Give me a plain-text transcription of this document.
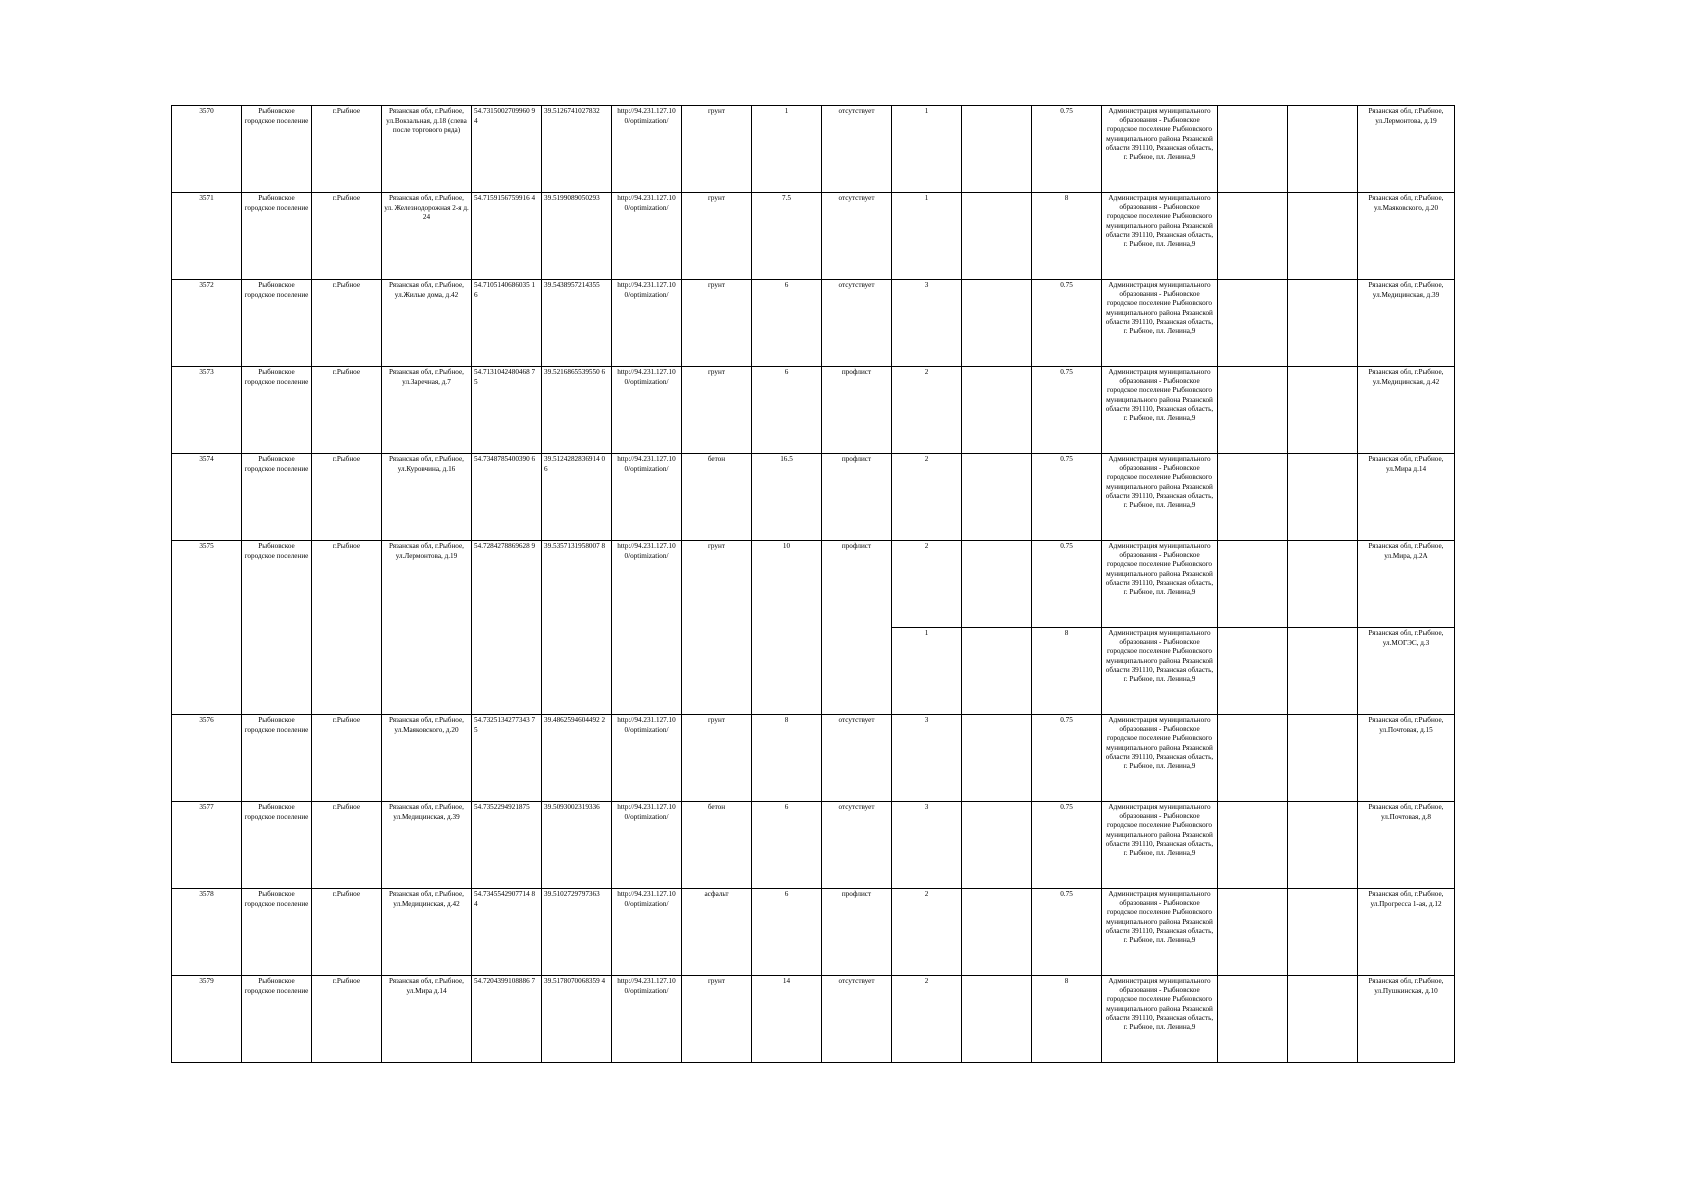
3570	Рыбновское городское поселение	г.Рыбное	Рязанская обл, г.Рыбное, ул.Вокзальная, д.18 (слева после торгового ряда)	54.7315002709960 9 4	39.5126741027832	http://94.231.127.10 0/optimization/	грунт	1	отсутствует	1		0.75	Администрация муниципального образования - Рыбновское городское поселение Рыбновского муниципального района Рязанской области 391110, Рязанская область, г. Рыбное, пл. Ленина,9			Рязанская обл, г.Рыбное, ул.Лермонтова, д.19
3571	Рыбновское городское поселение	г.Рыбное	Рязанская обл, г.Рыбное, ул. Железнодорожная 2-я д. 24	54.7159156759916 4	39.5199089050293	http://94.231.127.10 0/optimization/	грунт	7.5	отсутствует	1		8	Администрация муниципального образования - Рыбновское городское поселение Рыбновского муниципального района Рязанской области 391110, Рязанская область, г. Рыбное, пл. Ленина,9			Рязанская обл, г.Рыбное, ул.Маяковского, д.20
3572	Рыбновское городское поселение	г.Рыбное	Рязанская обл, г.Рыбное, ул.Жилые дома, д.42	54.7105140686035 1 6	39.5438957214355	http://94.231.127.10 0/optimization/	грунт	6	отсутствует	3		0.75	Администрация муниципального образования - Рыбновское городское поселение Рыбновского муниципального района Рязанской области 391110, Рязанская область, г. Рыбное, пл. Ленина,9			Рязанская обл, г.Рыбное, ул.Медицинская, д.39
3573	Рыбновское городское поселение	г.Рыбное	Рязанская обл, г.Рыбное, ул.Заречная, д.7	54.7131042480468 7 5	39.5216865539550 6	http://94.231.127.10 0/optimization/	грунт	6	профлист	2		0.75	Администрация муниципального образования - Рыбновское городское поселение Рыбновского муниципального района Рязанской области 391110, Рязанская область, г. Рыбное, пл. Ленина,9			Рязанская обл, г.Рыбное, ул.Медицинская, д.42
3574	Рыбновское городское поселение	г.Рыбное	Рязанская обл, г.Рыбное, ул.Куровчина, д.16	54.7348785400390 6	39.5124282836914 0 6	http://94.231.127.10 0/optimization/	бетон	16.5	профлист	2		0.75	Администрация муниципального образования - Рыбновское городское поселение Рыбновского муниципального района Рязанской области 391110, Рязанская область, г. Рыбное, пл. Ленина,9			Рязанская обл, г.Рыбное, ул.Мира д.14
3575	Рыбновское городское поселение	г.Рыбное	Рязанская обл, г.Рыбное, ул.Лермонтова, д.19	54.7284278869628 9	39.5357131958007 8	http://94.231.127.10 0/optimization/	грунт	10	профлист	2		0.75	Администрация муниципального образования - Рыбновское городское поселение Рыбновского муниципального района Рязанской области 391110, Рязанская область, г. Рыбное, пл. Ленина,9			Рязанская обл, г.Рыбное, ул.Мира, д.2А
										1		8	Администрация муниципального образования - Рыбновское городское поселение Рыбновского муниципального района Рязанской области 391110, Рязанская область, г. Рыбное, пл. Ленина,9			Рязанская обл, г.Рыбное, ул.МОГЭС, д.3
3576	Рыбновское городское поселение	г.Рыбное	Рязанская обл, г.Рыбное, ул.Маяковского, д.20	54.7325134277343 7 5	39.4862594604492 2	http://94.231.127.10 0/optimization/	грунт	8	отсутствует	3		0.75	Администрация муниципального образования - Рыбновское городское поселение Рыбновского муниципального района Рязанской области 391110, Рязанская область, г. Рыбное, пл. Ленина,9			Рязанская обл, г.Рыбное, ул.Почтовая, д.15
3577	Рыбновское городское поселение	г.Рыбное	Рязанская обл, г.Рыбное, ул.Медицинская, д.39	54.7352294921875	39.5093002319336	http://94.231.127.10 0/optimization/	бетон	6	отсутствует	3		0.75	Администрация муниципального образования - Рыбновское городское поселение Рыбновского муниципального района Рязанской области 391110, Рязанская область, г. Рыбное, пл. Ленина,9			Рязанская обл, г.Рыбное, ул.Почтовая, д.8
3578	Рыбновское городское поселение	г.Рыбное	Рязанская обл, г.Рыбное, ул.Медицинская, д.42	54.7345542907714 8 4	39.5102729797363	http://94.231.127.10 0/optimization/	асфальт	6	профлист	2		0.75	Администрация муниципального образования - Рыбновское городское поселение Рыбновского муниципального района Рязанской области 391110, Рязанская область, г. Рыбное, пл. Ленина,9			Рязанская обл, г.Рыбное, ул.Прогресса 1-ая, д.12
3579	Рыбновское городское поселение	г.Рыбное	Рязанская обл, г.Рыбное, ул.Мира д.14	54.7204399108886 7	39.5178070068359 4	http://94.231.127.10 0/optimization/	грунт	14	отсутствует	2		8	Администрация муниципального образования - Рыбновское городское поселение Рыбновского муниципального района Рязанской области 391110, Рязанская область, г. Рыбное, пл. Ленина,9			Рязанская обл, г.Рыбное, ул.Пушкинская, д.10
